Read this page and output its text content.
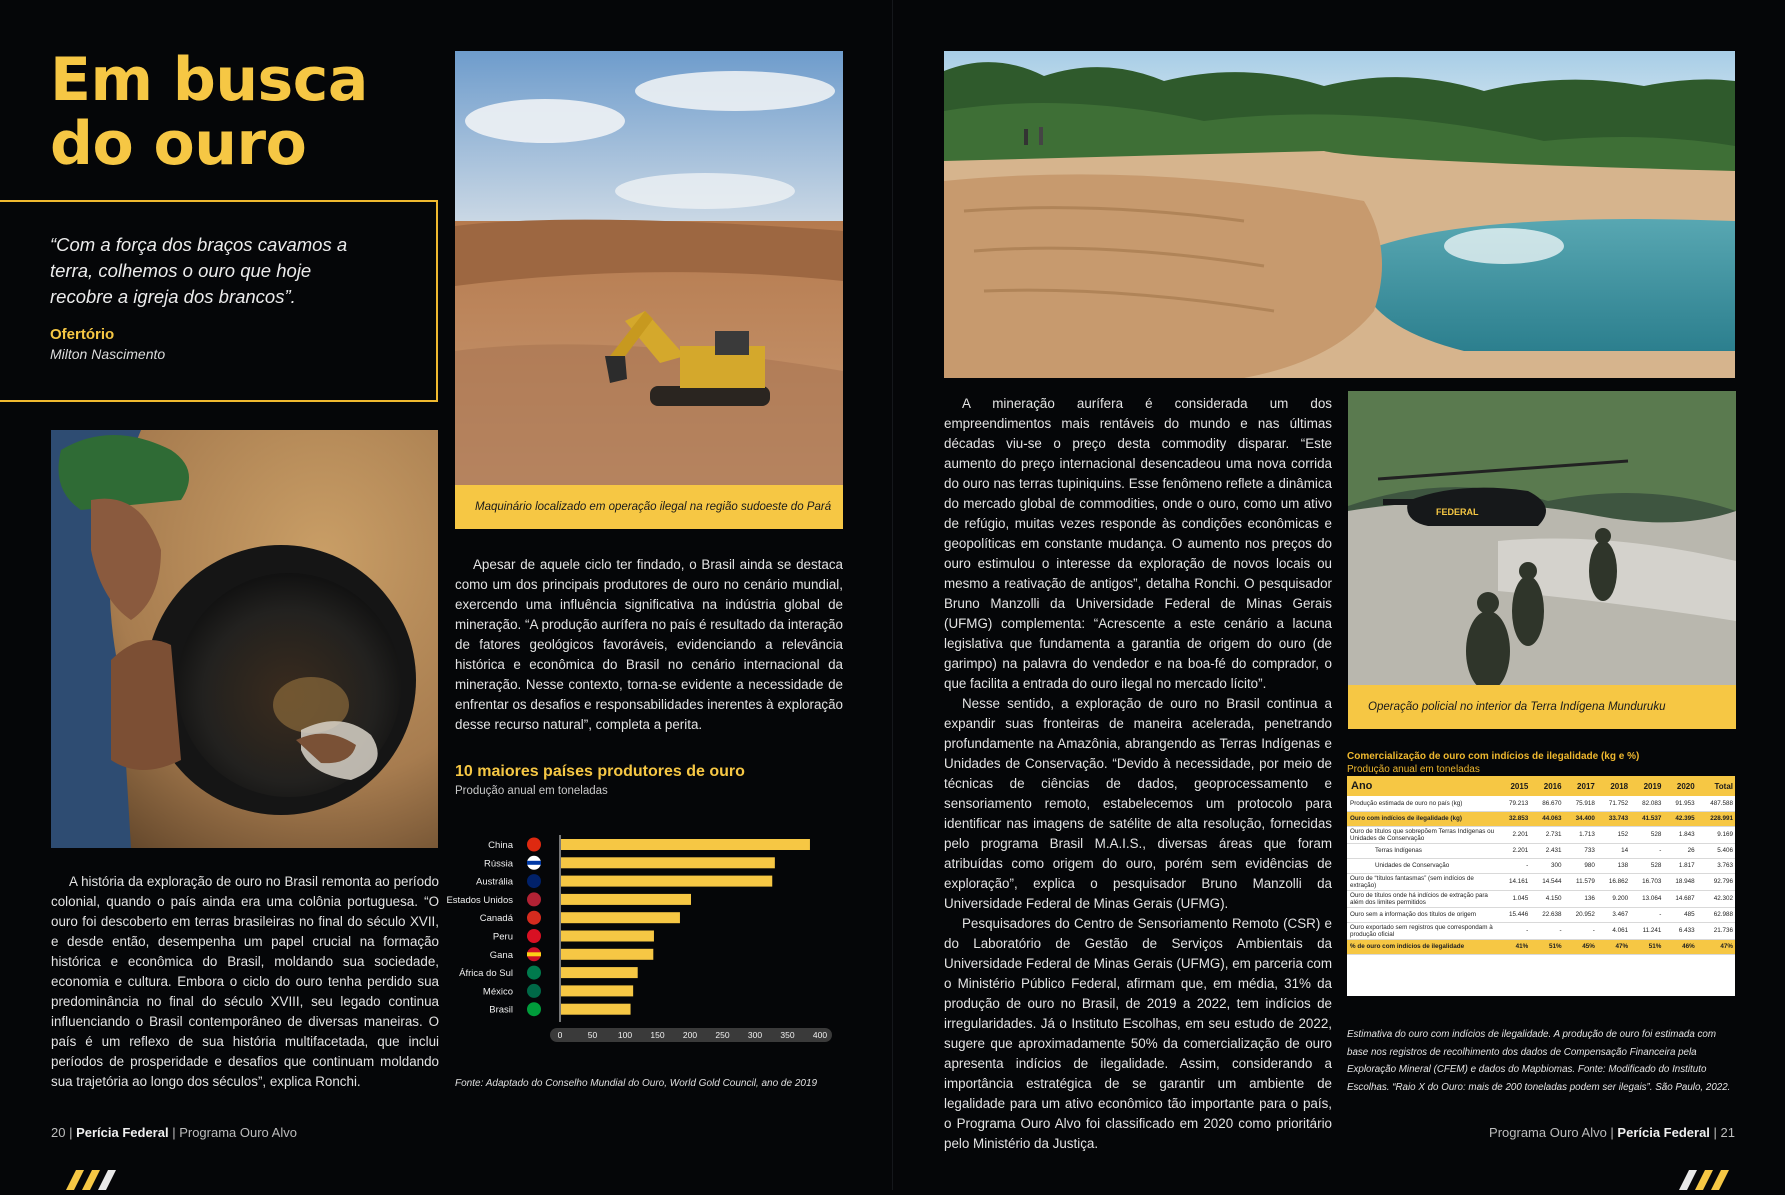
Em busca
do ouro
“Com a força dos braços cavamos a terra, colhemos o ouro que hoje recobre a igreja dos brancos”.
Ofertório
Milton Nascimento
Maquinário localizado em operação ilegal na região sudoeste do Pará

A história da exploração de ouro no Brasil remonta ao período colonial, quando o país ainda era uma colônia portuguesa. “O ouro foi descoberto em terras brasileiras no final do século XVII, e desde então, desempenha um papel crucial na formação histórica e econômica do Brasil, moldando sua sociedade, economia e cultura. Embora o ciclo do ouro tenha perdido sua predominância no final do século XVIII, seu legado continua influenciando o Brasil contemporâneo de diversas maneiras. O país é um reflexo de sua história multifacetada, que inclui períodos de prosperidade e desafios que continuam moldando sua trajetória ao longo dos séculos”, explica Ronchi.

Apesar de aquele ciclo ter findado, o Brasil ainda se destaca como um dos principais produtores de ouro no cenário mundial, exercendo uma influência significativa na indústria global de mineração. “A produção aurífera no país é resultado da interação de fatores geológicos favoráveis, evidenciando a relevância histórica e econômica do Brasil no cenário internacional da mineração. Nesse contexto, torna-se evidente a necessidade de enfrentar os desafios e responsabilidades inerentes à exploração desse recurso natural”, completa a perita.

10 maiores países produtores de ouro
Produção anual em toneladas
China
Rússia
Austrália
Estados Unidos
Canadá
Peru
Gana
África do Sul
México
Brasil
0	50 100 150 200 250 300 350 400
Fonte: Adaptado do Conselho Mundial do Ouro, World Gold Council, ano de 2019
20 | Perícia Federal | Programa Ouro Alvo
FEDERAL
Operação policial no interior da Terra Indígena Munduruku

A mineração aurífera é considerada um dos empreendimentos mais rentáveis do mundo e nas últimas décadas viu-se o preço desta commodity disparar. “Este aumento do preço internacional desencadeou uma nova corrida do ouro nas terras tupiniquins. Esse fenômeno reflete a dinâmica do mercado global de commodities, onde o ouro, como um ativo de refúgio, muitas vezes responde às condições econômicas e geopolíticas em constante mudança. O aumento nos preços do ouro estimulou o interesse da exploração de novos locais ou mesmo a reativação de antigos”, detalha Ronchi. O pesquisador Bruno Manzolli da Universidade Federal de Minas Gerais (UFMG) complementa: “Acrescente a este cenário a lacuna legislativa que fundamenta a garantia de origem do ouro (de garimpo) na palavra do vendedor e na boa-fé do comprador, o que facilita a entrada do ouro ilegal no mercado lícito”.

Nesse sentido, a exploração de ouro no Brasil continua a expandir suas fronteiras de maneira acelerada, penetrando profundamente na Amazônia, abrangendo as Terras Indígenas e Unidades de Conservação. “Devido à necessidade, por meio de técnicas de ciências de dados, geoprocessamento e sensoriamento remoto, estabelecemos um protocolo para identificar nas imagens de satélite de alta resolução, fornecidas pelo programa Brasil M.A.I.S., diversas áreas que foram atribuídas como origem do ouro, porém sem evidências de exploração”, explica o pesquisador Bruno Manzolli da Universidade Federal de Minas Gerais (UFMG).

Pesquisadores do Centro de Sensoriamento Remoto (CSR) e do Laboratório de Gestão de Serviços Ambientais da Universidade Federal de Minas Gerais (UFMG), em parceria com o Ministério Público Federal, afirmam que, em média, 31% da produção de ouro no Brasil, de 2019 a 2022, tem indícios de irregularidades. Já o Instituto Escolhas, em seu estudo de 2022, sugere que aproximadamente 50% da comercialização de ouro apresenta indícios de ilegalidade. Assim, considerando a importância estratégica de se garantir um ambiente de legalidade para um ativo econômico tão importante para o país, o Programa Ouro Alvo foi classificado em 2020 como prioritário pelo Ministério da Justiça.

Comercialização de ouro com indícios de ilegalidade (kg e %)
Produção anual em toneladas
Ano	2015	2016	2017	2018	2019	2020	Total
Produção estimada de ouro no país (kg)	79.213	86.670	75.918	71.752	82.083	91.953	487.588
Ouro com indícios de ilegalidade (kg)	32.853	44.063	34.400	33.743	41.537	42.395	228.991
Ouro de títulos que sobrepõem Terras Indígenas ou Unidades de Conservação	2.201	2.731	1.713	152	528	1.843	9.169
Terras Indígenas	2.201	2.431	733	14	-	26	5.406
Unidades de Conservação	-	300	980	138	528	1.817	3.763
Ouro de “títulos fantasmas” (sem indícios de extração)	14.161	14.544	11.579	16.862	16.703	18.948	92.796
Ouro de títulos onde há indícios de extração para além dos limites permitidos	1.045	4.150	136	9.200	13.064	14.687	42.302
Ouro sem a informação dos títulos de origem	15.446	22.638	20.952	3.467	-	485	62.988
Ouro exportado sem registros que correspondam à produção oficial	-	-	-	4.061	11.241	6.433	21.736
% de ouro com indícios de ilegalidade	41%	51%	45%	47%	51%	46%	47%
Estimativa do ouro com indícios de ilegalidade. A produção de ouro foi estimada com base nos registros de recolhimento dos dados de Compensação Financeira pela Exploração Mineral (CFEM) e dados do Mapbiomas. Fonte: Modificado do Instituto Escolhas. “Raio X do Ouro: mais de 200 toneladas podem ser ilegais”. São Paulo, 2022.
Programa Ouro Alvo | Perícia Federal | 21
